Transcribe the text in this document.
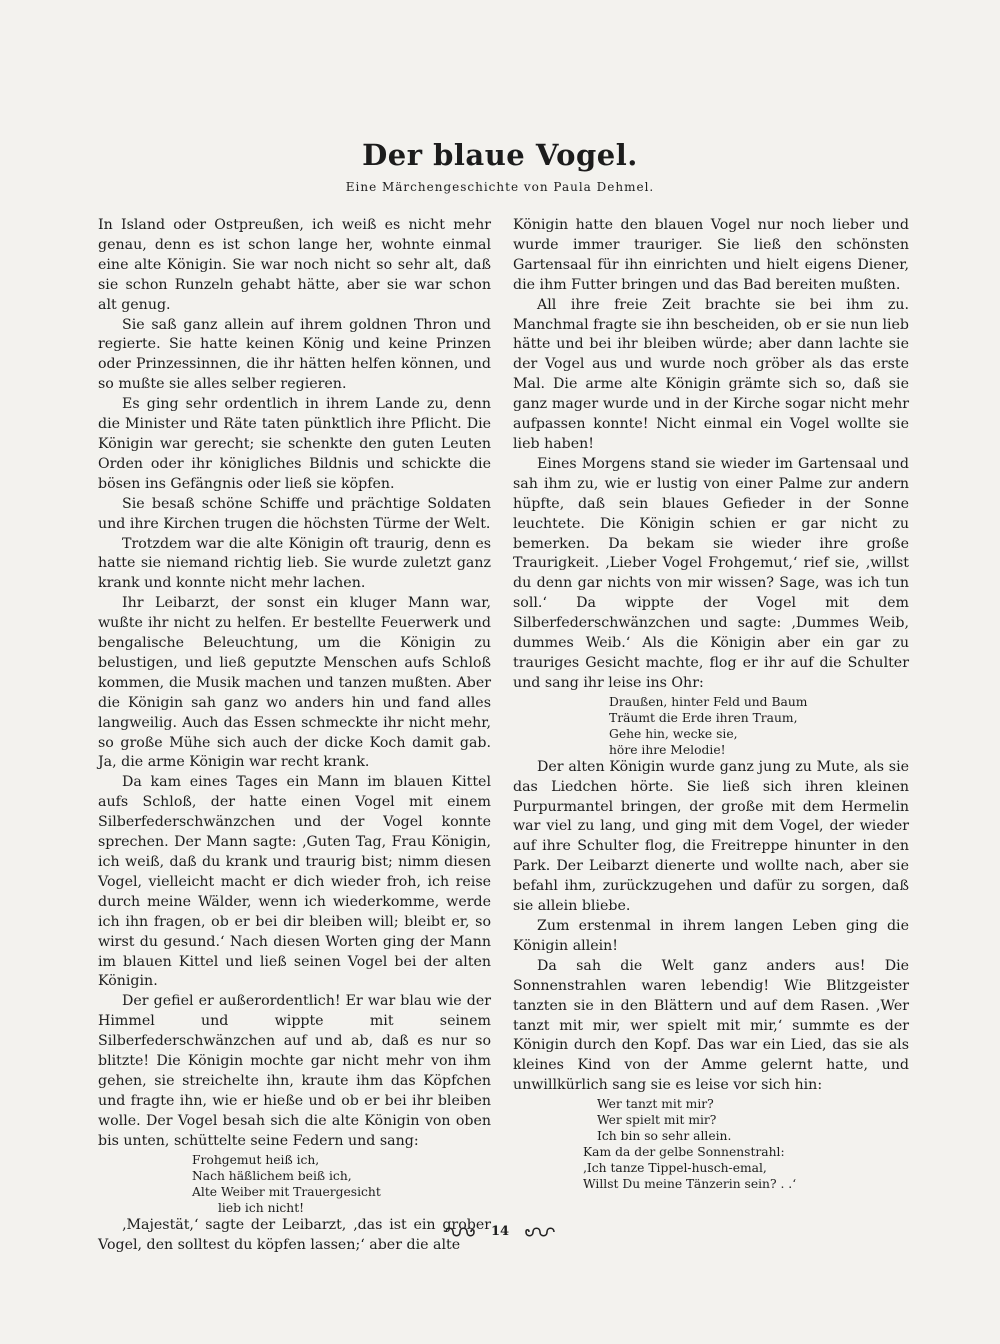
Der blaue Vogel.
Eine Märchengeschichte von Paula Dehmel.

In Island oder Ostpreußen, ich weiß es nicht mehr genau, denn es ist schon lange her, wohnte einmal eine alte Königin. Sie war noch nicht so sehr alt, daß sie schon Runzeln gehabt hätte, aber sie war schon alt genug.

Sie saß ganz allein auf ihrem goldnen Thron und regierte. Sie hatte keinen König und keine Prinzen oder Prinzessinnen, die ihr hätten helfen können, und so mußte sie alles selber regieren.

Es ging sehr ordentlich in ihrem Lande zu, denn die Minister und Räte taten pünktlich ihre Pflicht. Die Königin war gerecht; sie schenkte den guten Leuten Orden oder ihr königliches Bildnis und schickte die bösen ins Gefängnis oder ließ sie köpfen.

Sie besaß schöne Schiffe und prächtige Soldaten und ihre Kirchen trugen die höchsten Türme der Welt.

Trotzdem war die alte Königin oft traurig, denn es hatte sie niemand richtig lieb. Sie wurde zuletzt ganz krank und konnte nicht mehr lachen.

Ihr Leibarzt, der sonst ein kluger Mann war, wußte ihr nicht zu helfen. Er bestellte Feuerwerk und bengalische Beleuchtung, um die Königin zu belustigen, und ließ geputzte Menschen aufs Schloß kommen, die Musik machen und tanzen mußten. Aber die Königin sah ganz wo anders hin und fand alles langweilig. Auch das Essen schmeckte ihr nicht mehr, so große Mühe sich auch der dicke Koch damit gab. Ja, die arme Königin war recht krank.

Da kam eines Tages ein Mann im blauen Kittel aufs Schloß, der hatte einen Vogel mit einem Silberfederschwänzchen und der Vogel konnte sprechen. Der Mann sagte: ‚Guten Tag, Frau Königin, ich weiß, daß du krank und traurig bist; nimm diesen Vogel, vielleicht macht er dich wieder froh, ich reise durch meine Wälder, wenn ich wiederkomme, werde ich ihn fragen, ob er bei dir bleiben will; bleibt er, so wirst du gesund.‘ Nach diesen Worten ging der Mann im blauen Kittel und ließ seinen Vogel bei der alten Königin.

Der gefiel er außerordentlich! Er war blau wie der Himmel und wippte mit seinem Silberfederschwänzchen auf und ab, daß es nur so blitzte! Die Königin mochte gar nicht mehr von ihm gehen, sie streichelte ihn, kraute ihm das Köpfchen und fragte ihn, wie er hieße und ob er bei ihr bleiben wolle. Der Vogel besah sich die alte Königin von oben bis unten, schüttelte seine Federn und sang:

Frohgemut heiß ich,
Nach häßlichem beiß ich,
Alte Weiber mit Trauergesicht
lieb ich nicht!

‚Majestät,‘ sagte der Leibarzt, ‚das ist ein grober Vogel, den solltest du köpfen lassen;‘ aber die alte

Königin hatte den blauen Vogel nur noch lieber und wurde immer trauriger. Sie ließ den schönsten Gartensaal für ihn einrichten und hielt eigens Diener, die ihm Futter bringen und das Bad bereiten mußten.

All ihre freie Zeit brachte sie bei ihm zu. Manchmal fragte sie ihn bescheiden, ob er sie nun lieb hätte und bei ihr bleiben würde; aber dann lachte sie der Vogel aus und wurde noch gröber als das erste Mal. Die arme alte Königin grämte sich so, daß sie ganz mager wurde und in der Kirche sogar nicht mehr aufpassen konnte! Nicht einmal ein Vogel wollte sie lieb haben!

Eines Morgens stand sie wieder im Gartensaal und sah ihm zu, wie er lustig von einer Palme zur andern hüpfte, daß sein blaues Gefieder in der Sonne leuchtete. Die Königin schien er gar nicht zu bemerken. Da bekam sie wieder ihre große Traurigkeit. ‚Lieber Vogel Frohgemut,‘ rief sie, ‚willst du denn gar nichts von mir wissen? Sage, was ich tun soll.‘ Da wippte der Vogel mit dem Silberfederschwänzchen und sagte: ‚Dummes Weib, dummes Weib.‘ Als die Königin aber ein gar zu trauriges Gesicht machte, flog er ihr auf die Schulter und sang ihr leise ins Ohr:

Draußen, hinter Feld und Baum
Träumt die Erde ihren Traum,
Gehe hin, wecke sie,
höre ihre Melodie!

Der alten Königin wurde ganz jung zu Mute, als sie das Liedchen hörte. Sie ließ sich ihren kleinen Purpurmantel bringen, der große mit dem Hermelin war viel zu lang, und ging mit dem Vogel, der wieder auf ihre Schulter flog, die Freitreppe hinunter in den Park. Der Leibarzt dienerte und wollte nach, aber sie befahl ihm, zurückzugehen und dafür zu sorgen, daß sie allein bliebe.

Zum erstenmal in ihrem langen Leben ging die Königin allein!

Da sah die Welt ganz anders aus! Die Sonnenstrahlen waren lebendig! Wie Blitzgeister tanzten sie in den Blättern und auf dem Rasen. ‚Wer tanzt mit mir, wer spielt mit mir,‘ summte es der Königin durch den Kopf. Das war ein Lied, das sie als kleines Kind von der Amme gelernt hatte, und unwillkürlich sang sie es leise vor sich hin:

Wer tanzt mit mir?
Wer spielt mit mir?
Ich bin so sehr allein.
Kam da der gelbe Sonnenstrahl:
‚Ich tanze Tippel-husch-emal,
Willst Du meine Tänzerin sein? . .‘
14
